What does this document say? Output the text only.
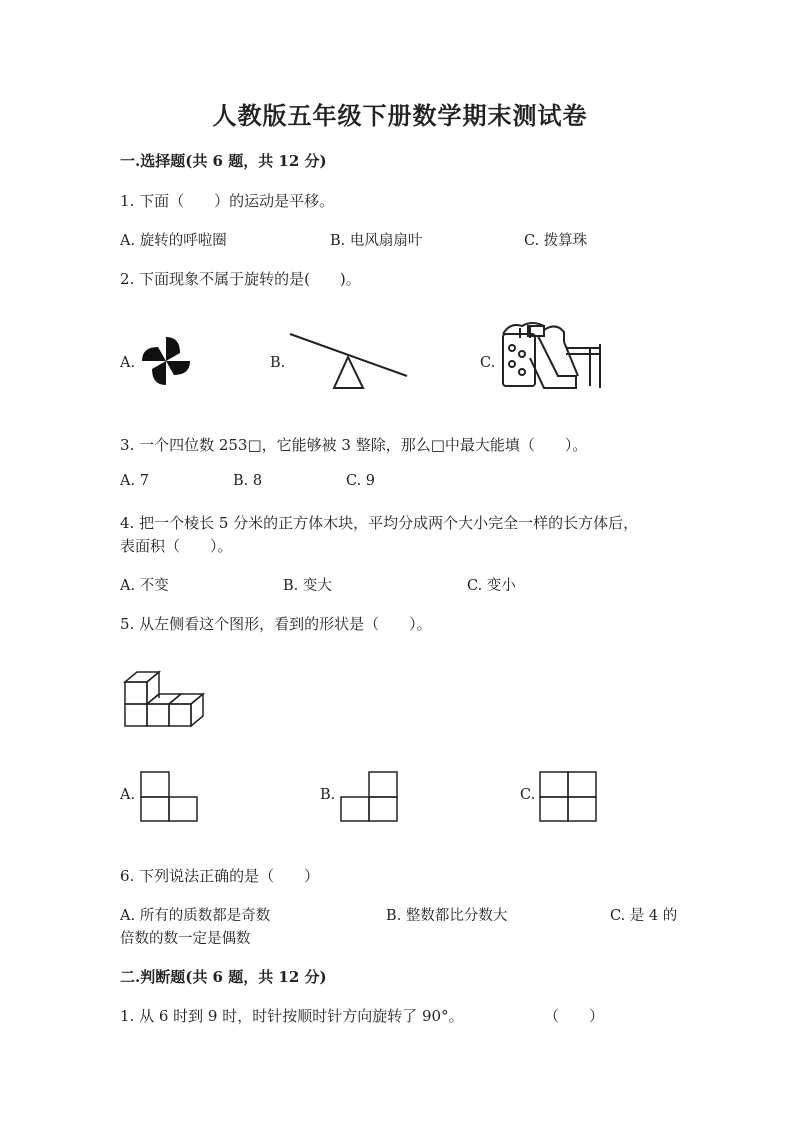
人教版五年级下册数学期末测试卷
一.选择题(共 6 题，共 12 分)
1. 下面（　　）的运动是平移。
A. 旋转的呼啦圈	B. 电风扇扇叶	C. 拨算珠
2. 下面现象不属于旋转的是(　　)。
A.	B.	C.
3. 一个四位数 253□，它能够被 3 整除，那么□中最大能填（　　）。
A. 7	B. 8	C. 9
4. 把一个棱长 5 分米的正方体木块，平均分成两个大小完全一样的长方体后，
表面积（　　）。
A. 不变	B. 变大	C. 变小
5. 从左侧看这个图形，看到的形状是（　　）。
A.	B.	C.
6. 下列说法正确的是（　　）
A. 所有的质数都是奇数	B. 整数都比分数大	C. 是 4 的
倍数的数一定是偶数
二.判断题(共 6 题，共 12 分)
1. 从 6 时到 9 时，时针按顺时针方向旋转了 90°。	（　　）
